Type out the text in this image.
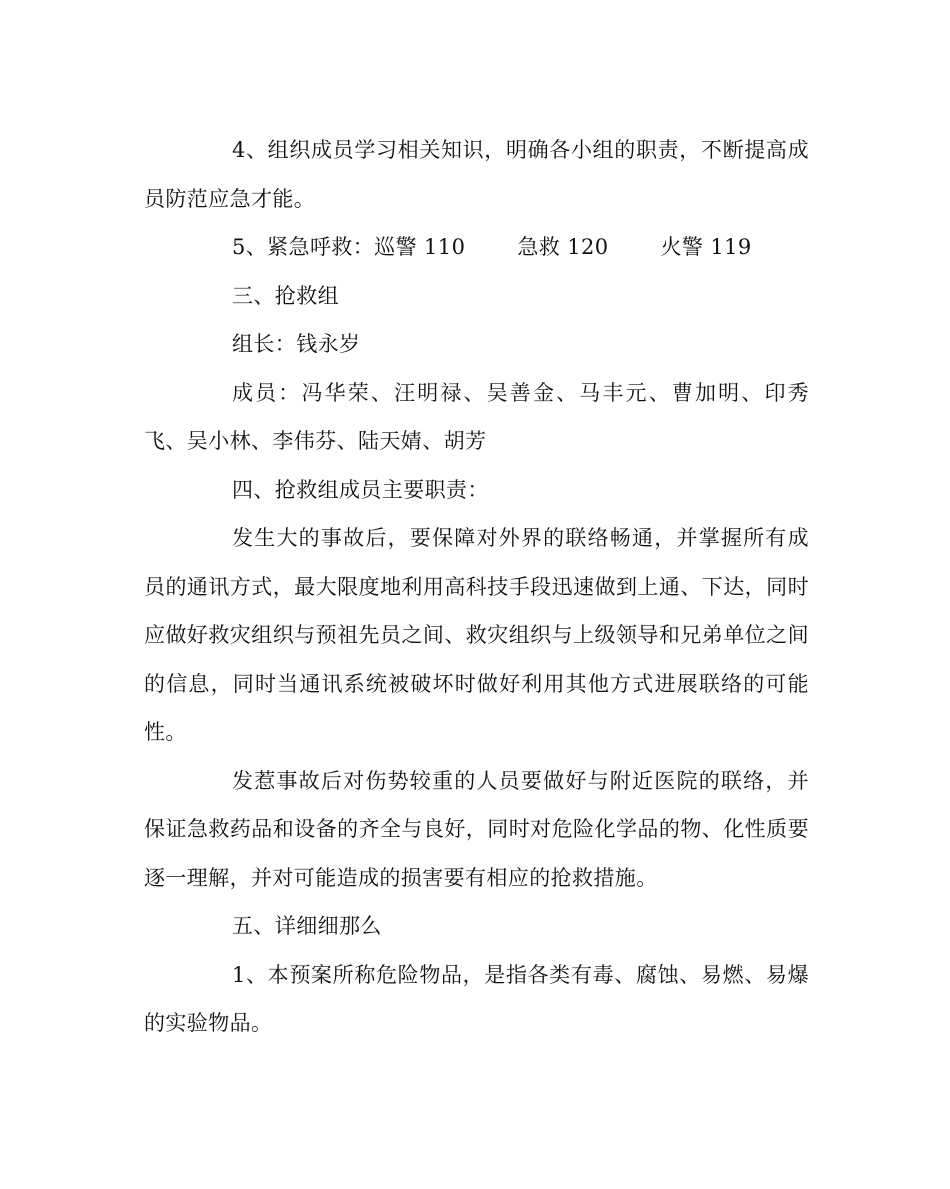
4、组织成员学习相关知识，明确各小组的职责，不断提高成员防范应急才能。

5、紧急呼救：巡警 110 急救 120 火警 119

三、抢救组

组长：钱永岁

成员：冯华荣、汪明禄、吴善金、马丰元、曹加明、印秀飞、吴小林、李伟芬、陆天婧、胡芳

四、抢救组成员主要职责：

发生大的事故后，要保障对外界的联络畅通，并掌握所有成员的通讯方式，最大限度地利用高科技手段迅速做到上通、下达，同时应做好救灾组织与预祖先员之间、救灾组织与上级领导和兄弟单位之间的信息，同时当通讯系统被破坏时做好利用其他方式进展联络的可能性。

发惹事故后对伤势较重的人员要做好与附近医院的联络，并保证急救药品和设备的齐全与良好，同时对危险化学品的物、化性质要逐一理解，并对可能造成的损害要有相应的抢救措施。

五、详细细那么

1、本预案所称危险物品，是指各类有毒、腐蚀、易燃、易爆的实验物品。
